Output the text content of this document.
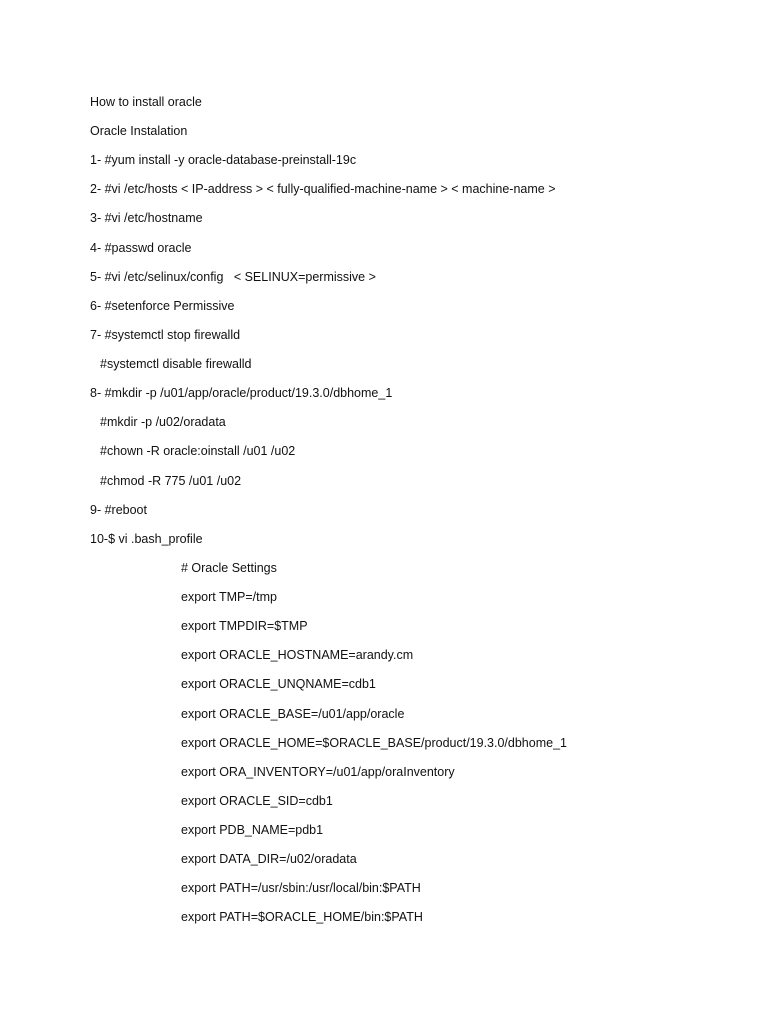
How to install oracle
Oracle Instalation
1- #yum install -y oracle-database-preinstall-19c
2- #vi /etc/hosts < IP-address > < fully-qualified-machine-name > < machine-name >
3- #vi /etc/hostname
4- #passwd oracle
5- #vi /etc/selinux/config   < SELINUX=permissive >
6- #setenforce Permissive
7- #systemctl stop firewalld
#systemctl disable firewalld
8- #mkdir -p /u01/app/oracle/product/19.3.0/dbhome_1
#mkdir -p /u02/oradata
#chown -R oracle:oinstall /u01 /u02
#chmod -R 775 /u01 /u02
9- #reboot
10-$ vi .bash_profile
# Oracle Settings
export TMP=/tmp
export TMPDIR=$TMP
export ORACLE_HOSTNAME=arandy.cm
export ORACLE_UNQNAME=cdb1
export ORACLE_BASE=/u01/app/oracle
export ORACLE_HOME=$ORACLE_BASE/product/19.3.0/dbhome_1
export ORA_INVENTORY=/u01/app/oraInventory
export ORACLE_SID=cdb1
export PDB_NAME=pdb1
export DATA_DIR=/u02/oradata
export PATH=/usr/sbin:/usr/local/bin:$PATH
export PATH=$ORACLE_HOME/bin:$PATH
